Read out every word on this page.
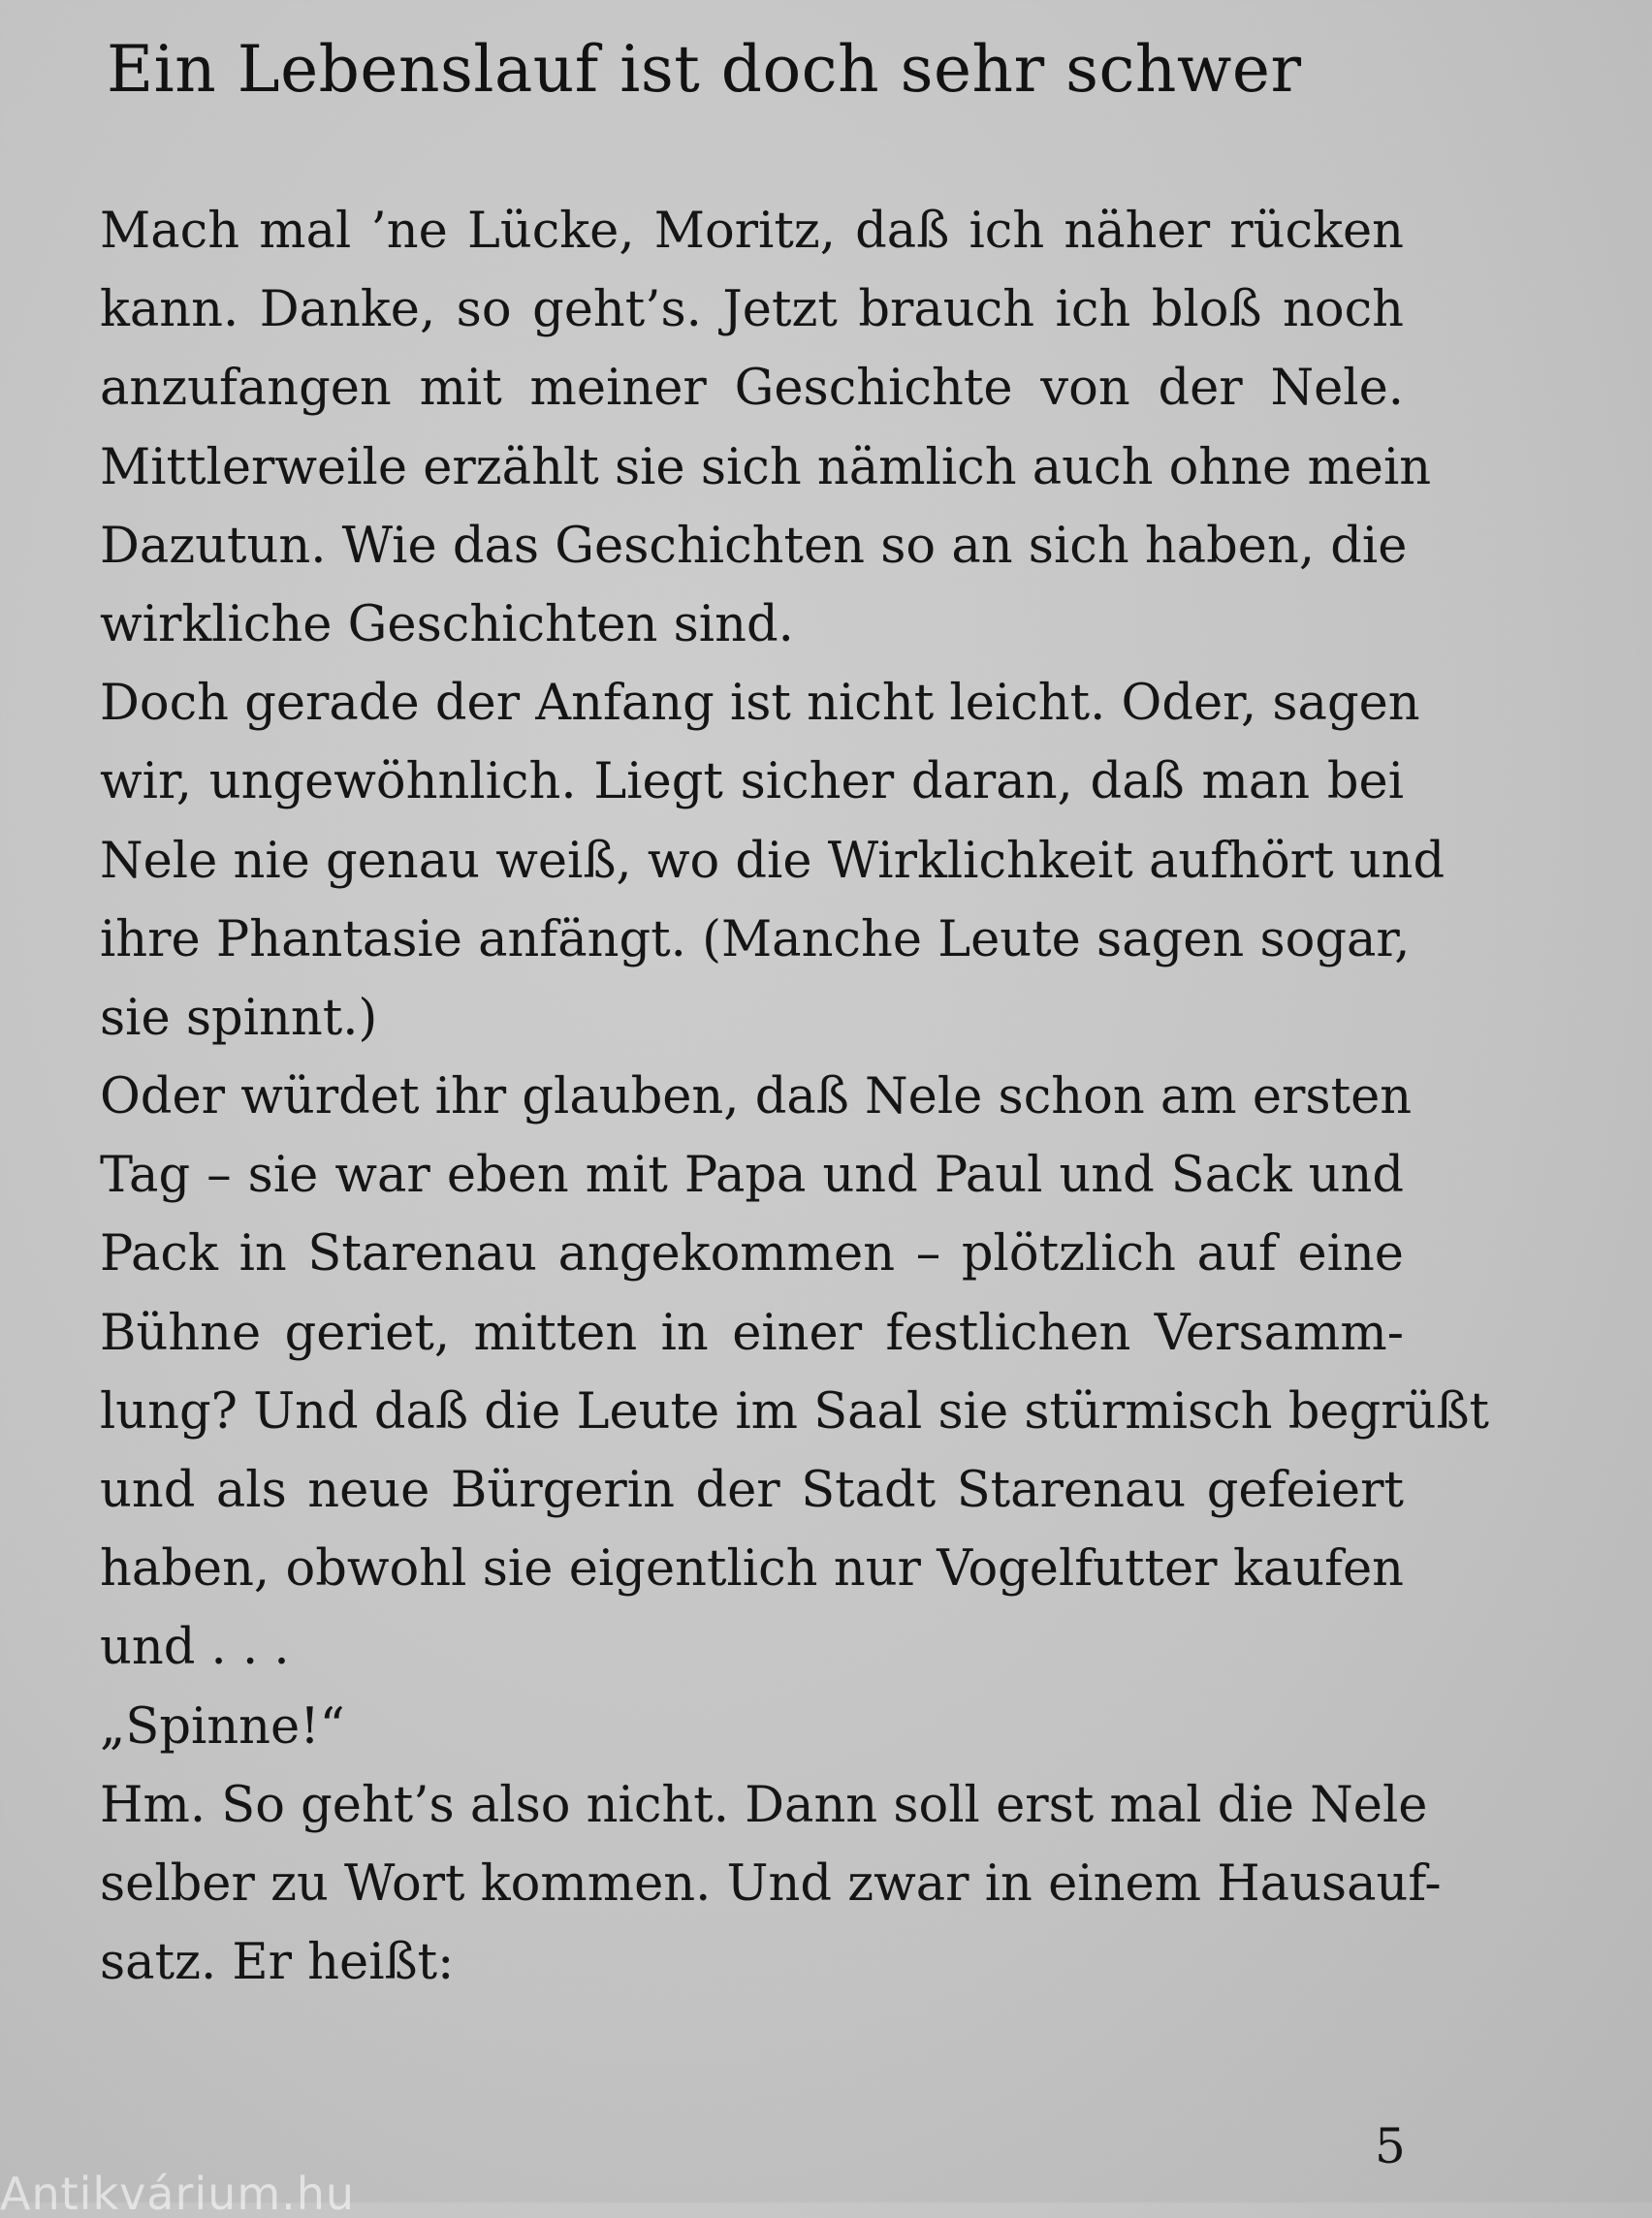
Ein Lebenslauf ist doch sehr schwer
Mach mal ’ne Lücke, Moritz, daß ich näher rücken
kann. Danke, so geht’s. Jetzt brauch ich bloß noch
anzufangen mit meiner Geschichte von der Nele.
Mittlerweile erzählt sie sich nämlich auch ohne mein
Dazutun. Wie das Geschichten so an sich haben, die
wirkliche Geschichten sind.
Doch gerade der Anfang ist nicht leicht. Oder, sagen
wir, ungewöhnlich. Liegt sicher daran, daß man bei
Nele nie genau weiß, wo die Wirklichkeit aufhört und
ihre Phantasie anfängt. (Manche Leute sagen sogar,
sie spinnt.)
Oder würdet ihr glauben, daß Nele schon am ersten
Tag – sie war eben mit Papa und Paul und Sack und
Pack in Starenau angekommen – plötzlich auf eine
Bühne geriet, mitten in einer festlichen Versamm-
lung? Und daß die Leute im Saal sie stürmisch begrüßt
und als neue Bürgerin der Stadt Starenau gefeiert
haben, obwohl sie eigentlich nur Vogelfutter kaufen
und . . .
„Spinne!“
Hm. So geht’s also nicht. Dann soll erst mal die Nele
selber zu Wort kommen. Und zwar in einem Hausauf-
satz. Er heißt:
5
Antikvárium.hu
